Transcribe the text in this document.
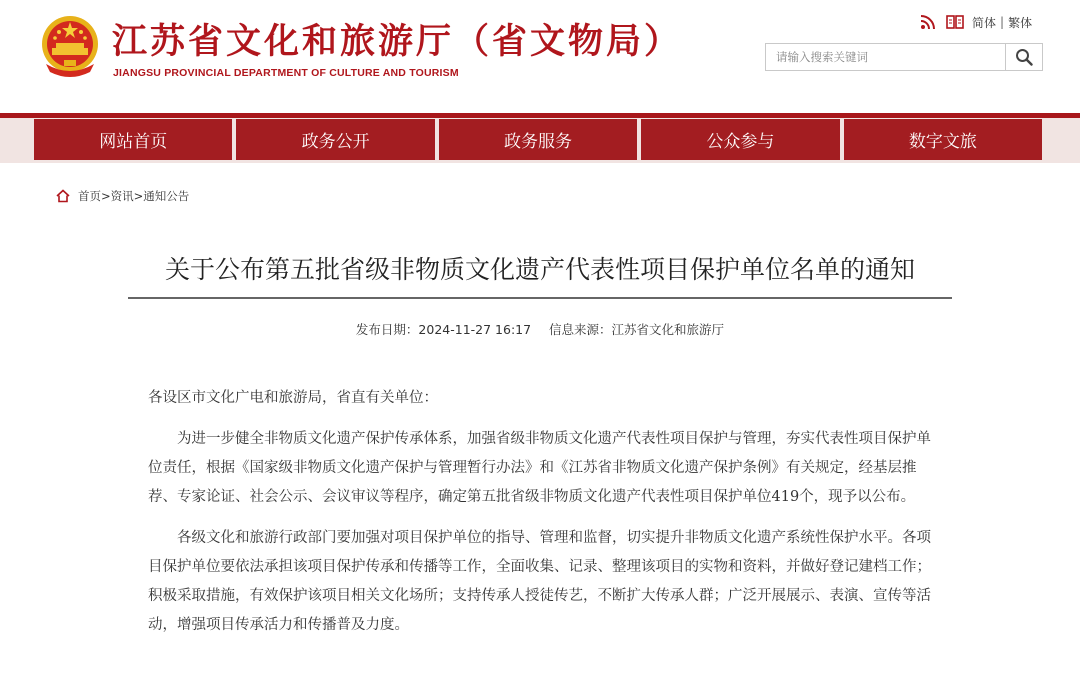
江苏省文化和旅游厅（省文物局）
JIANGSU PROVINCIAL DEPARTMENT OF CULTURE AND TOURISM
简体 | 繁体
请输入搜索关键词
网站首页	政务公开	政务服务	公众参与	数字文旅
首页 > 资讯 > 通知公告
关于公布第五批省级非物质文化遗产代表性项目保护单位名单的通知
发布日期：2024-11-27 16:17 信息来源：江苏省文化和旅游厅

各设区市文化广电和旅游局，省直有关单位：

为进一步健全非物质文化遗产保护传承体系，加强省级非物质文化遗产代表性项目保护与管理，夯实代表性项目保护单位责任，根据《国家级非物质文化遗产保护与管理暂行办法》和《江苏省非物质文化遗产保护条例》有关规定，经基层推荐、专家论证、社会公示、会议审议等程序，确定第五批省级非物质文化遗产代表性项目保护单位419个，现予以公布。

各级文化和旅游行政部门要加强对项目保护单位的指导、管理和监督，切实提升非物质文化遗产系统性保护水平。各项目保护单位要依法承担该项目保护传承和传播等工作，全面收集、记录、整理该项目的实物和资料，并做好登记建档工作；积极采取措施，有效保护该项目相关文化场所；支持传承人授徒传艺，不断扩大传承人群；广泛开展展示、表演、宣传等活动，增强项目传承活力和传播普及力度。
